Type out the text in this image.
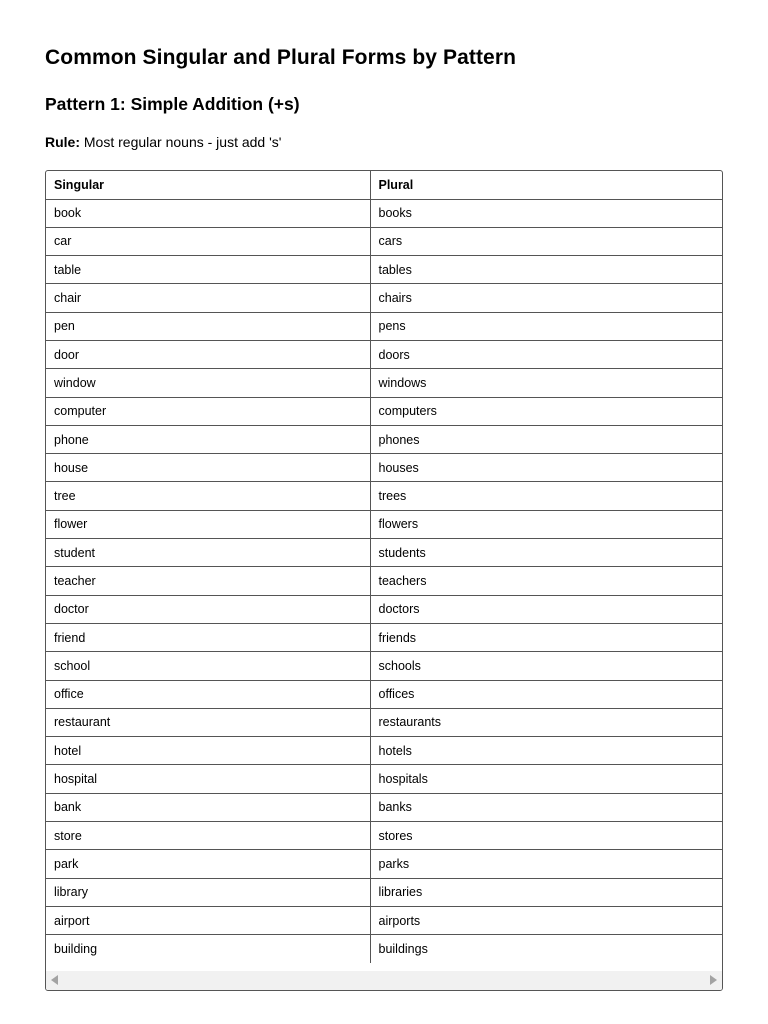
Common Singular and Plural Forms by Pattern
Pattern 1: Simple Addition (+s)

Rule: Most regular nouns - just add 's'

Singular	Plural
book	books
car	cars
table	tables
chair	chairs
pen	pens
door	doors
window	windows
computer	computers
phone	phones
house	houses
tree	trees
flower	flowers
student	students
teacher	teachers
doctor	doctors
friend	friends
school	schools
office	offices
restaurant	restaurants
hotel	hotels
hospital	hospitals
bank	banks
store	stores
park	parks
library	libraries
airport	airports
building	buildings
